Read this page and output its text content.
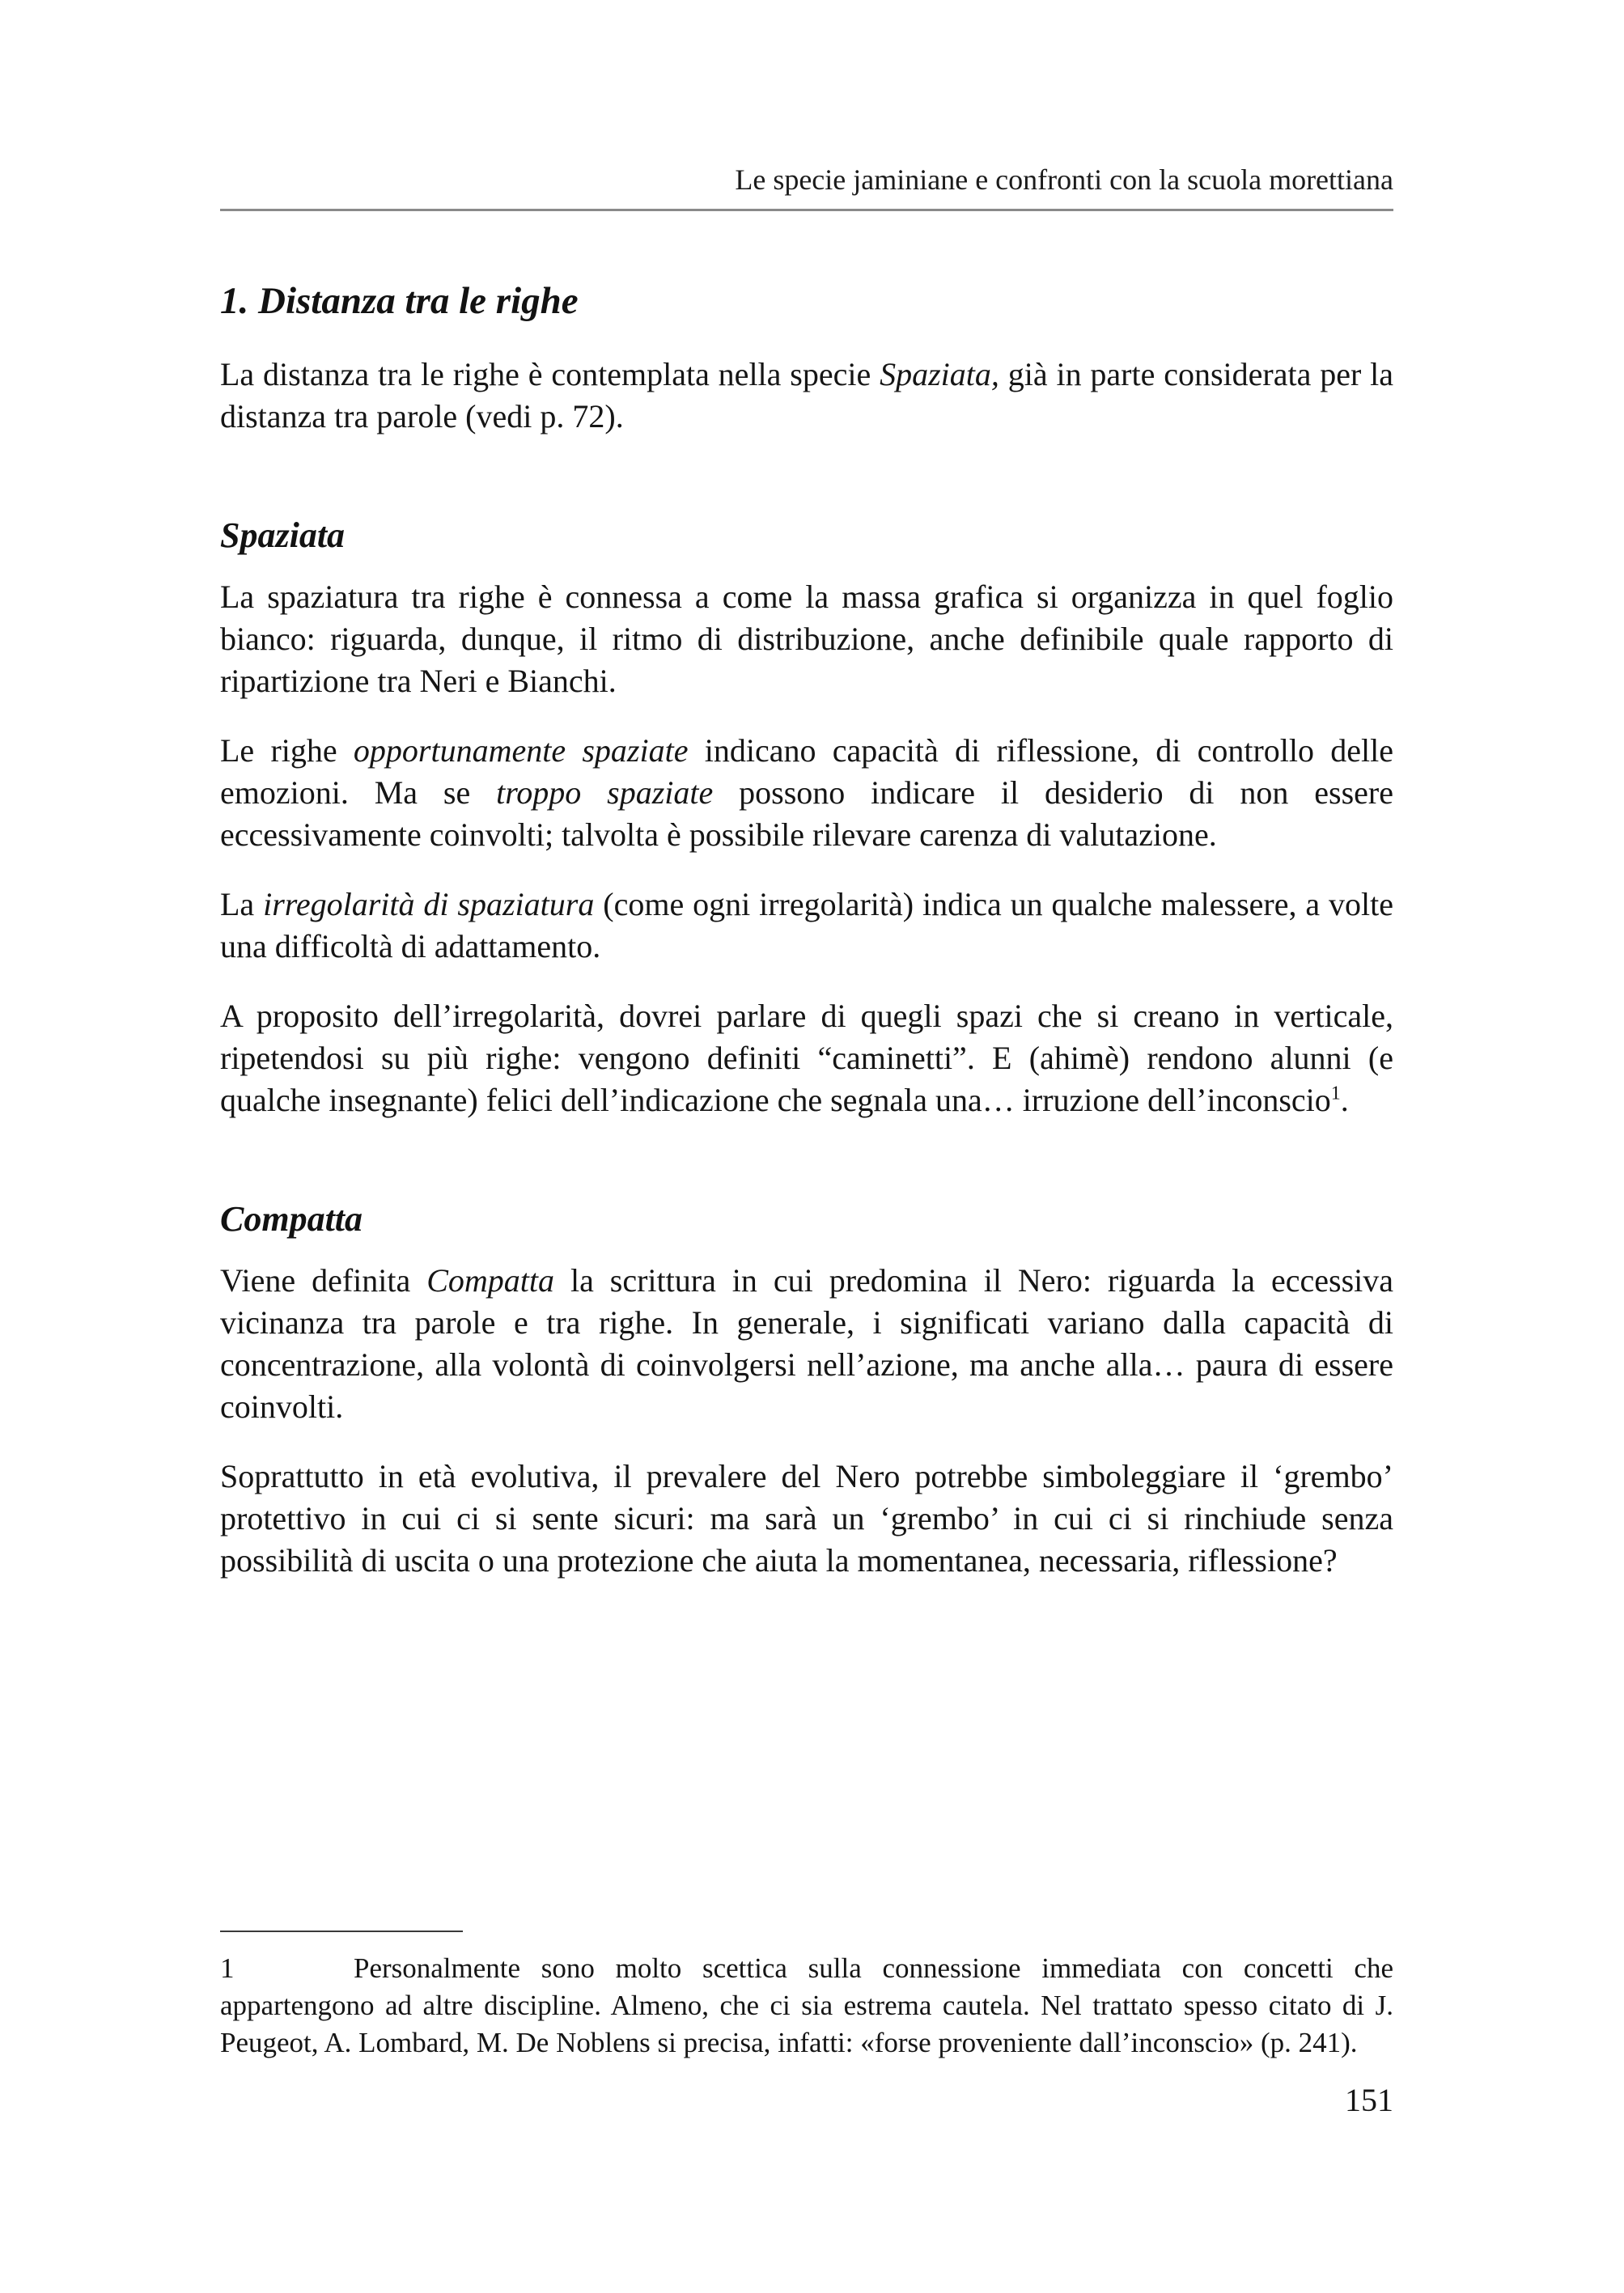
Le specie jaminiane e confronti con la scuola morettiana
1. Distanza tra le righe

La distanza tra le righe è contemplata nella specie Spaziata, già in parte considerata per la distanza tra parole (vedi p. 72).

Spaziata

La spaziatura tra righe è connessa a come la massa grafica si organizza in quel foglio bianco: riguarda, dunque, il ritmo di distribuzione, anche definibile quale rapporto di ripartizione tra Neri e Bianchi.

Le righe opportunamente spaziate indicano capacità di riflessione, di controllo delle emozioni. Ma se troppo spaziate possono indicare il desiderio di non essere eccessivamente coinvolti; talvolta è possibile rilevare carenza di valutazione.

La irregolarità di spaziatura (come ogni irregolarità) indica un qualche malessere, a volte una difficoltà di adattamento.

A proposito dell’irregolarità, dovrei parlare di quegli spazi che si creano in verticale, ripetendosi su più righe: vengono definiti “caminetti”. E (ahimè) rendono alunni (e qualche insegnante) felici dell’indicazione che segnala una… irruzione dell’inconscio$^1$.

Compatta

Viene definita Compatta la scrittura in cui predomina il Nero: riguarda la eccessiva vicinanza tra parole e tra righe. In generale, i significati variano dalla capacità di concentrazione, alla volontà di coinvolgersi nell’azione, ma anche alla… paura di essere coinvolti.

Soprattutto in età evolutiva, il prevalere del Nero potrebbe simboleggiare il ‘grembo’ protettivo in cui ci si sente sicuri: ma sarà un ‘grembo’ in cui ci si rinchiude senza possibilità di uscita o una protezione che aiuta la momentanea, necessaria, riflessione?

1	Personalmente sono molto scettica sulla connessione immediata con concetti che appartengono ad altre discipline. Almeno, che ci sia estrema cautela. Nel trattato spesso citato di J. Peugeot, A. Lombard, M. De Noblens si precisa, infatti: «forse proveniente dall’inconscio» (p. 241).

151
